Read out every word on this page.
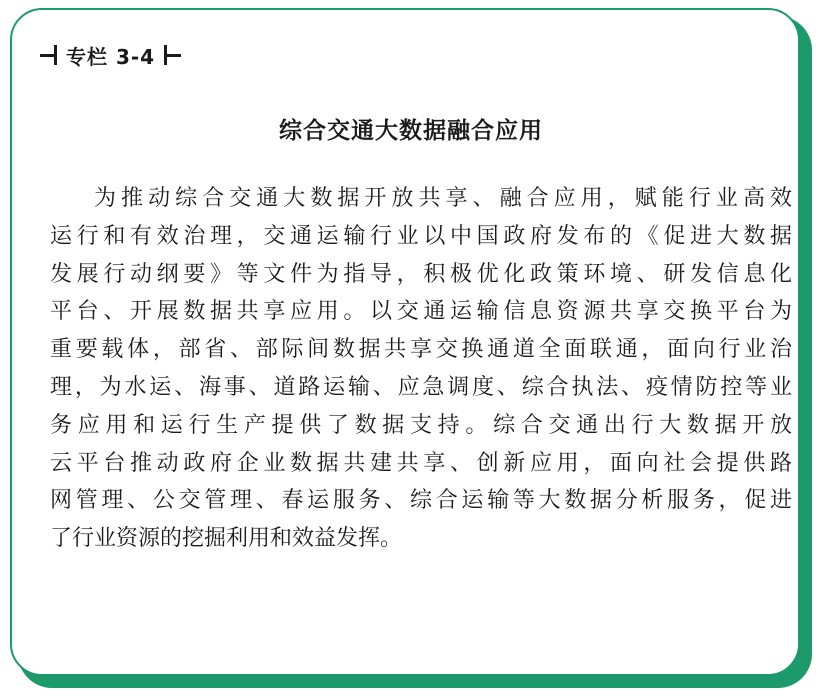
专栏 3-4
综合交通大数据融合应用
为推动综合交通大数据开放共享、融合应用，赋能行业高效
运行和有效治理，交通运输行业以中国政府发布的《促进大数据
发展行动纲要》等文件为指导，积极优化政策环境、研发信息化
平台、开展数据共享应用。以交通运输信息资源共享交换平台为
重要载体，部省、部际间数据共享交换通道全面联通，面向行业治
理，为水运、海事、道路运输、应急调度、综合执法、疫情防控等业
务应用和运行生产提供了数据支持。综合交通出行大数据开放
云平台推动政府企业数据共建共享、创新应用，面向社会提供路
网管理、公交管理、春运服务、综合运输等大数据分析服务，促进
了行业资源的挖掘利用和效益发挥。
